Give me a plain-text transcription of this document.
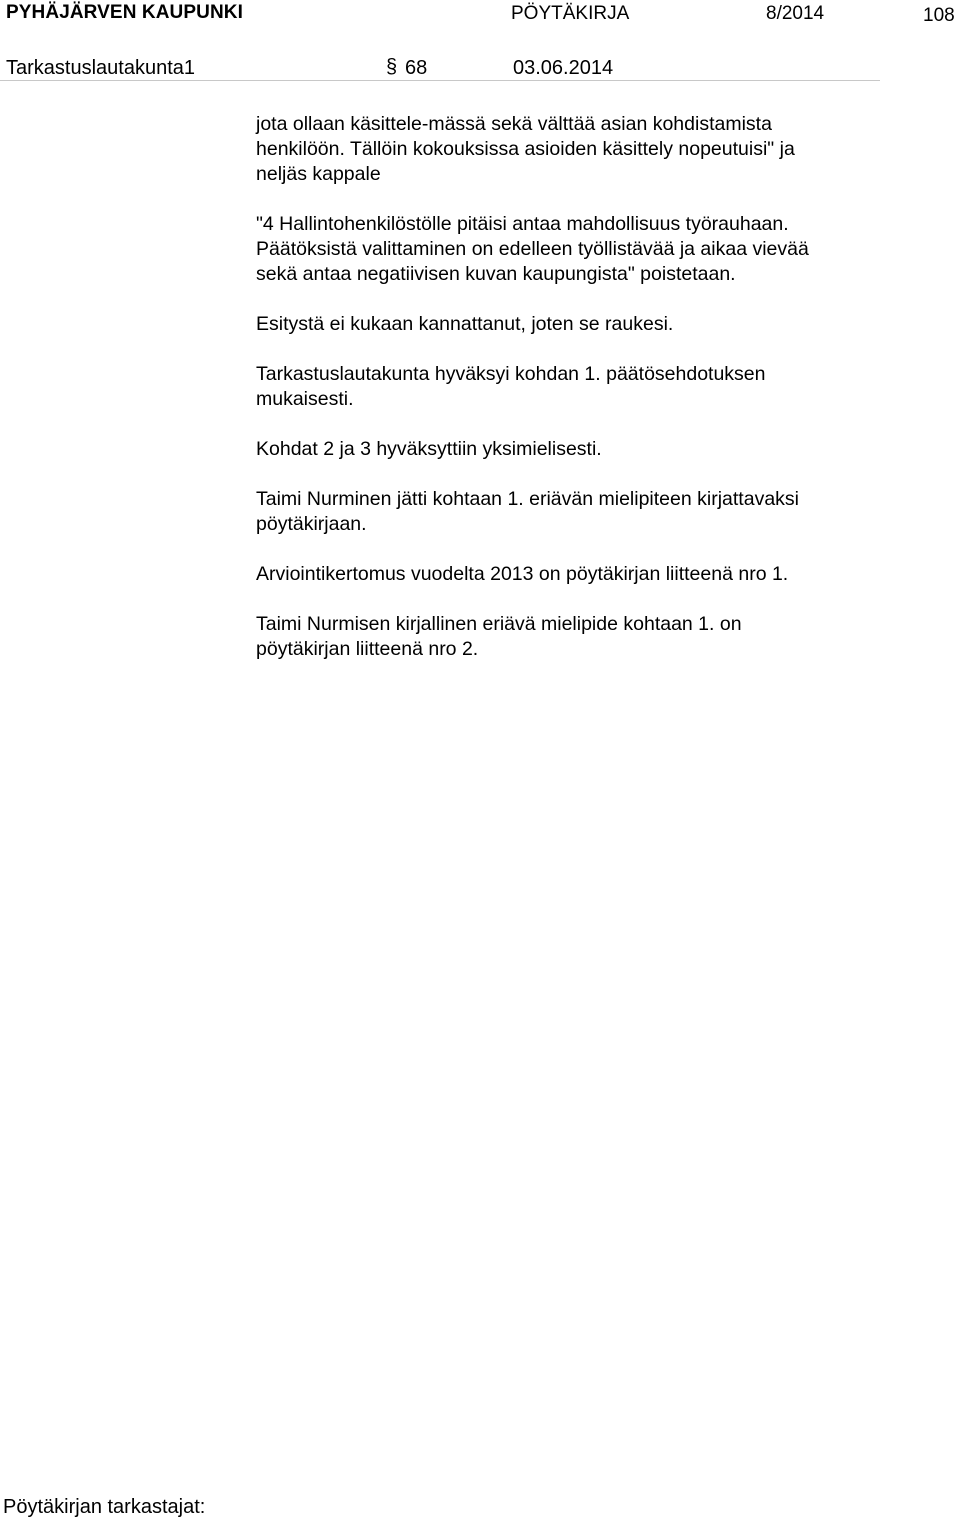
PYHÄJÄRVEN KAUPUNKI	PÖYTÄKIRJA	8/2014	108
Tarkastuslautakunta1	§ 68	03.06.2014

jota ollaan käsittele-mässä sekä välttää asian kohdistamista
henkilöön. Tällöin kokouksissa asioiden käsittely nopeutuisi" ja
neljäs kappale

"4 Hallintohenkilöstölle pitäisi antaa mahdollisuus työrauhaan.
Päätöksistä valittaminen on edelleen työllistävää ja aikaa vievää
sekä antaa negatiivisen kuvan kaupungista" poistetaan.

Esitystä ei kukaan kannattanut, joten se raukesi.

Tarkastuslautakunta hyväksyi kohdan 1. päätösehdotuksen
mukaisesti.

Kohdat 2 ja 3 hyväksyttiin yksimielisesti.

Taimi Nurminen jätti kohtaan 1. eriävän mielipiteen kirjattavaksi
pöytäkirjaan.

Arviointikertomus vuodelta 2013 on pöytäkirjan liitteenä nro 1.

Taimi Nurmisen kirjallinen eriävä mielipide kohtaan 1. on
pöytäkirjan liitteenä nro 2.

Pöytäkirjan tarkastajat:
